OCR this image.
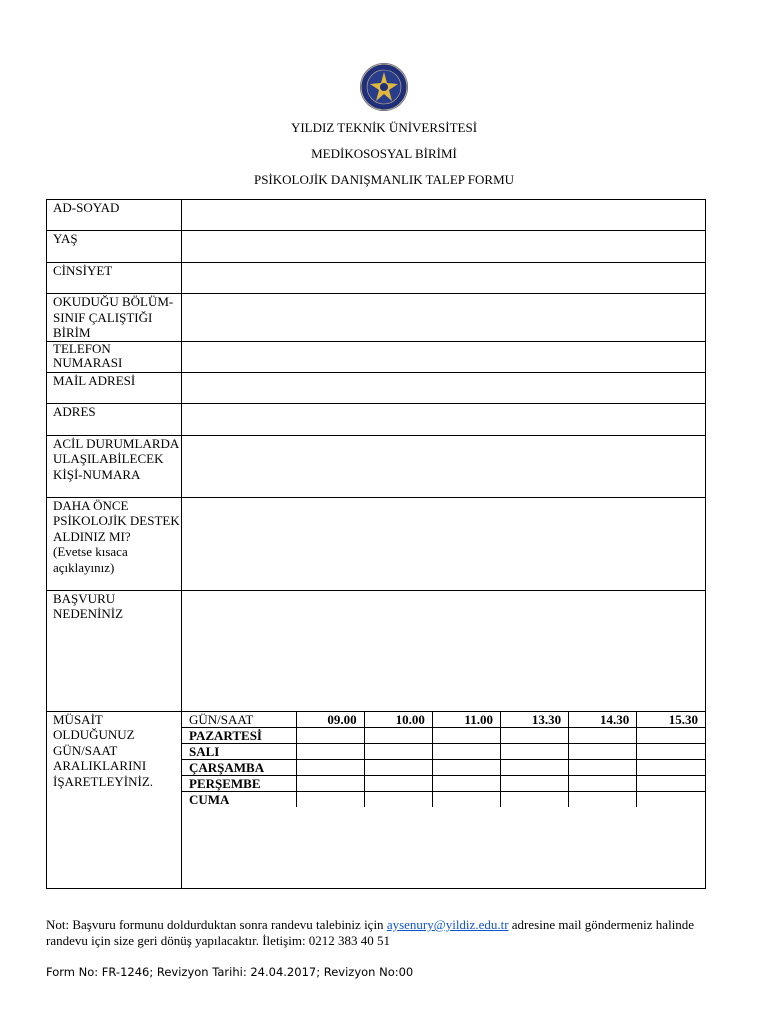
YILDIZ TEKNİK ÜNİVERSİTESİ
MEDİKOSOSYAL BİRİMİ
PSİKOLOJİK DANIŞMANLIK TALEP FORMU
AD-SOYAD	
YAŞ	
CİNSİYET	
OKUDUĞU BÖLÜM-SINIF ÇALIŞTIĞI BİRİM	
TELEFON NUMARASI	
MAİL ADRESİ	
ADRES	
ACİL DURUMLARDA ULAŞILABİLECEK KİŞİ-NUMARA	

DAHA ÖNCE PSİKOLOJİK DESTEK ALDINIZ MI?
(Evetse kısaca açıklayınız)

BAŞVURU NEDENİNİZ	
MÜSAİT OLDUĞUNUZ GÜN/SAAT ARALIKLARINI İŞARETLEYİNİZ.	
GÜN/SAAT	09.00	10.00	11.00	13.30	14.30	15.30
PAZARTESİ						
SALI						
ÇARŞAMBA						
PERŞEMBE						
CUMA						
Not: Başvuru formunu doldurduktan sonra randevu talebiniz için aysenury@yildiz.edu.tr adresine mail göndermeniz halinde randevu için size geri dönüş yapılacaktır. İletişim: 0212 383 40 51
Form No: FR-1246; Revizyon Tarihi: 24.04.2017; Revizyon No:00
